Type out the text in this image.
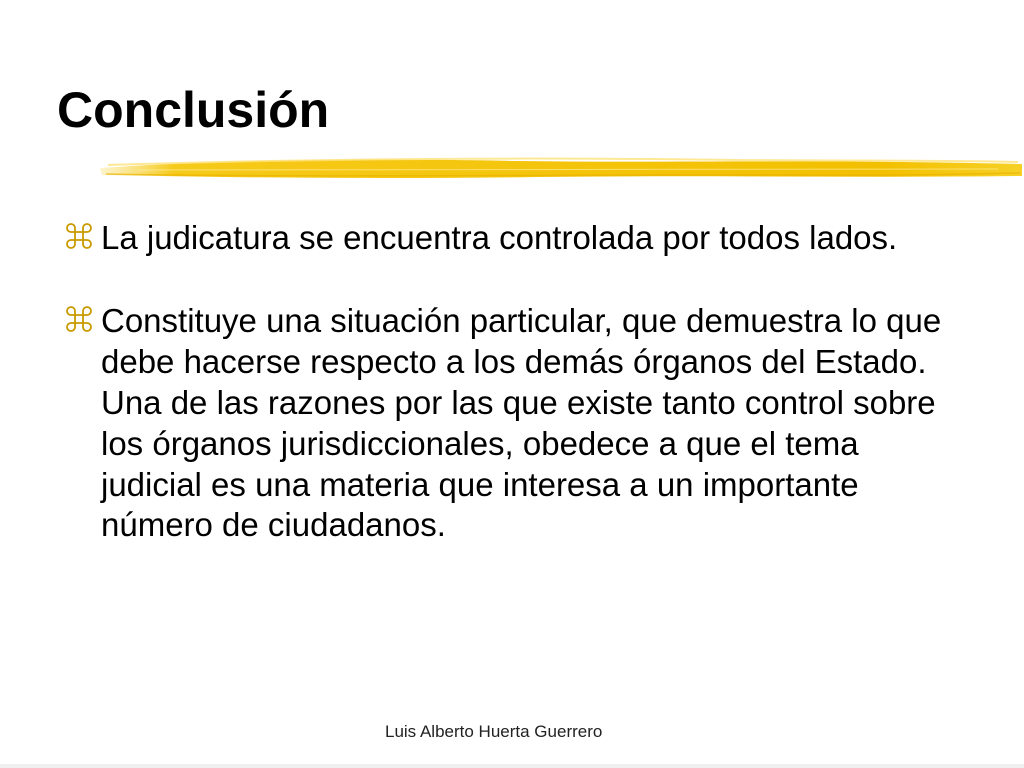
Conclusión
La judicatura se encuentra controlada por todos lados.
Constituye una situación particular, que demuestra lo que debe hacerse respecto a los demás órganos del Estado. Una de las razones por las que existe tanto control sobre los órganos jurisdiccionales, obedece a que el tema judicial es una materia que interesa a un importante número de ciudadanos.
Luis Alberto Huerta Guerrero
